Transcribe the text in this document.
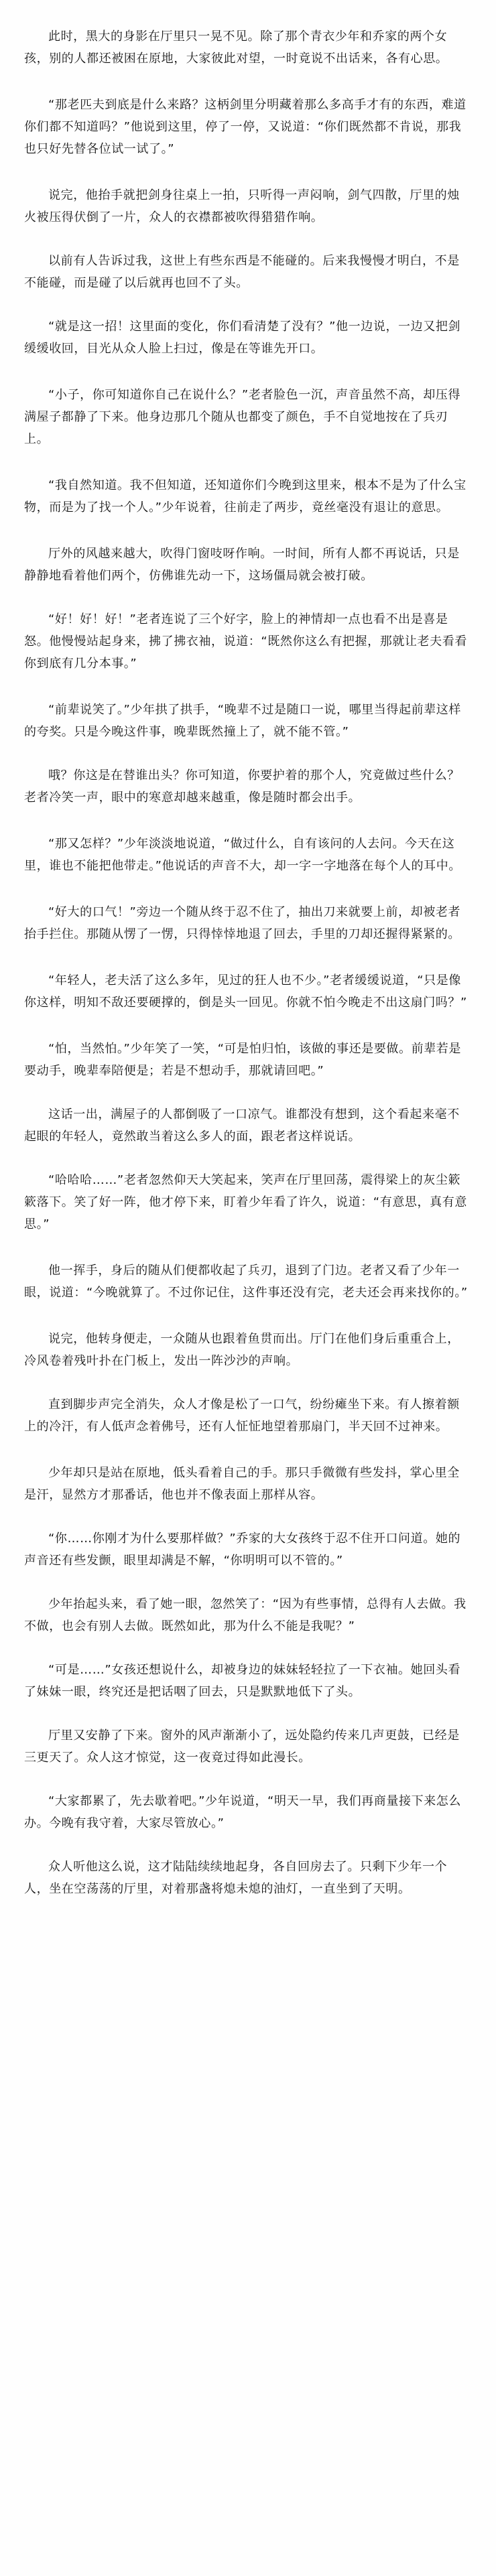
此时，黑大的身影在厅里只一晃不见。除了那个青衣少年和乔家的两个女孩，别的人都还被困在原地，大家彼此对望，一时竟说不出话来，各有心思。

“那老匹夫到底是什么来路？这柄剑里分明藏着那么多高手才有的东西，难道你们都不知道吗？”他说到这里，停了一停，又说道：“你们既然都不肯说，那我也只好先替各位试一试了。”

说完，他抬手就把剑身往桌上一拍，只听得一声闷响，剑气四散，厅里的烛火被压得伏倒了一片，众人的衣襟都被吹得猎猎作响。

以前有人告诉过我，这世上有些东西是不能碰的。后来我慢慢才明白，不是不能碰，而是碰了以后就再也回不了头。

“就是这一招！这里面的变化，你们看清楚了没有？”他一边说，一边又把剑缓缓收回，目光从众人脸上扫过，像是在等谁先开口。

“小子，你可知道你自己在说什么？”老者脸色一沉，声音虽然不高，却压得满屋子都静了下来。他身边那几个随从也都变了颜色，手不自觉地按在了兵刃上。

“我自然知道。我不但知道，还知道你们今晚到这里来，根本不是为了什么宝物，而是为了找一个人。”少年说着，往前走了两步，竟丝毫没有退让的意思。

厅外的风越来越大，吹得门窗吱呀作响。一时间，所有人都不再说话，只是静静地看着他们两个，仿佛谁先动一下，这场僵局就会被打破。

“好！好！好！”老者连说了三个好字，脸上的神情却一点也看不出是喜是怒。他慢慢站起身来，拂了拂衣袖，说道：“既然你这么有把握，那就让老夫看看你到底有几分本事。”

“前辈说笑了。”少年拱了拱手，“晚辈不过是随口一说，哪里当得起前辈这样的夸奖。只是今晚这件事，晚辈既然撞上了，就不能不管。”

哦？你这是在替谁出头？你可知道，你要护着的那个人，究竟做过些什么？老者冷笑一声，眼中的寒意却越来越重，像是随时都会出手。

“那又怎样？”少年淡淡地说道，“做过什么，自有该问的人去问。今天在这里，谁也不能把他带走。”他说话的声音不大，却一字一字地落在每个人的耳中。

“好大的口气！”旁边一个随从终于忍不住了，抽出刀来就要上前，却被老者抬手拦住。那随从愣了一愣，只得悻悻地退了回去，手里的刀却还握得紧紧的。

“年轻人，老夫活了这么多年，见过的狂人也不少。”老者缓缓说道，“只是像你这样，明知不敌还要硬撑的，倒是头一回见。你就不怕今晚走不出这扇门吗？”

“怕，当然怕。”少年笑了一笑，“可是怕归怕，该做的事还是要做。前辈若是要动手，晚辈奉陪便是；若是不想动手，那就请回吧。”

这话一出，满屋子的人都倒吸了一口凉气。谁都没有想到，这个看起来毫不起眼的年轻人，竟然敢当着这么多人的面，跟老者这样说话。

“哈哈哈……”老者忽然仰天大笑起来，笑声在厅里回荡，震得梁上的灰尘簌簌落下。笑了好一阵，他才停下来，盯着少年看了许久，说道：“有意思，真有意思。”

他一挥手，身后的随从们便都收起了兵刃，退到了门边。老者又看了少年一眼，说道：“今晚就算了。不过你记住，这件事还没有完，老夫还会再来找你的。”

说完，他转身便走，一众随从也跟着鱼贯而出。厅门在他们身后重重合上，冷风卷着残叶扑在门板上，发出一阵沙沙的声响。

直到脚步声完全消失，众人才像是松了一口气，纷纷瘫坐下来。有人擦着额上的冷汗，有人低声念着佛号，还有人怔怔地望着那扇门，半天回不过神来。

少年却只是站在原地，低头看着自己的手。那只手微微有些发抖，掌心里全是汗，显然方才那番话，他也并不像表面上那样从容。

“你……你刚才为什么要那样做？”乔家的大女孩终于忍不住开口问道。她的声音还有些发颤，眼里却满是不解，“你明明可以不管的。”

少年抬起头来，看了她一眼，忽然笑了：“因为有些事情，总得有人去做。我不做，也会有别人去做。既然如此，那为什么不能是我呢？”

“可是……”女孩还想说什么，却被身边的妹妹轻轻拉了一下衣袖。她回头看了妹妹一眼，终究还是把话咽了回去，只是默默地低下了头。

厅里又安静了下来。窗外的风声渐渐小了，远处隐约传来几声更鼓，已经是三更天了。众人这才惊觉，这一夜竟过得如此漫长。

“大家都累了，先去歇着吧。”少年说道，“明天一早，我们再商量接下来怎么办。今晚有我守着，大家尽管放心。”

众人听他这么说，这才陆陆续续地起身，各自回房去了。只剩下少年一个人，坐在空荡荡的厅里，对着那盏将熄未熄的油灯，一直坐到了天明。
